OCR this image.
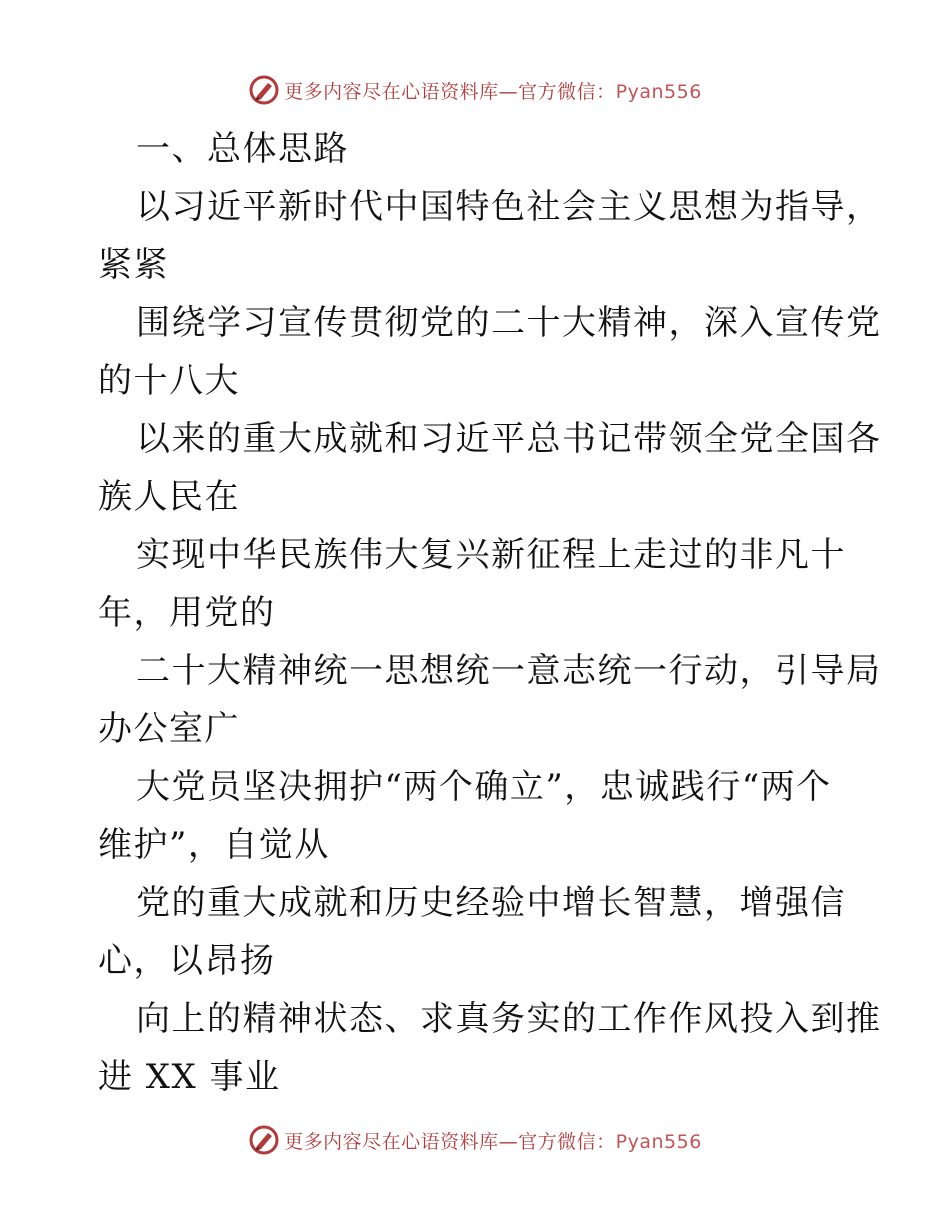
更多内容尽在心语资料库—官方微信：Pyan556
一、总体思路
以习近平新时代中国特色社会主义思想为指导，
紧紧
围绕学习宣传贯彻党的二十大精神，深入宣传党
的十八大
以来的重大成就和习近平总书记带领全党全国各
族人民在
实现中华民族伟大复兴新征程上走过的非凡十
年，用党的
二十大精神统一思想统一意志统一行动，引导局
办公室广
大党员坚决拥护“两个确立”，忠诚践行“两个
维护”，自觉从
党的重大成就和历史经验中增长智慧，增强信
心，以昂扬
向上的精神状态、求真务实的工作作风投入到推
进 XX 事业
更多内容尽在心语资料库—官方微信：Pyan556
